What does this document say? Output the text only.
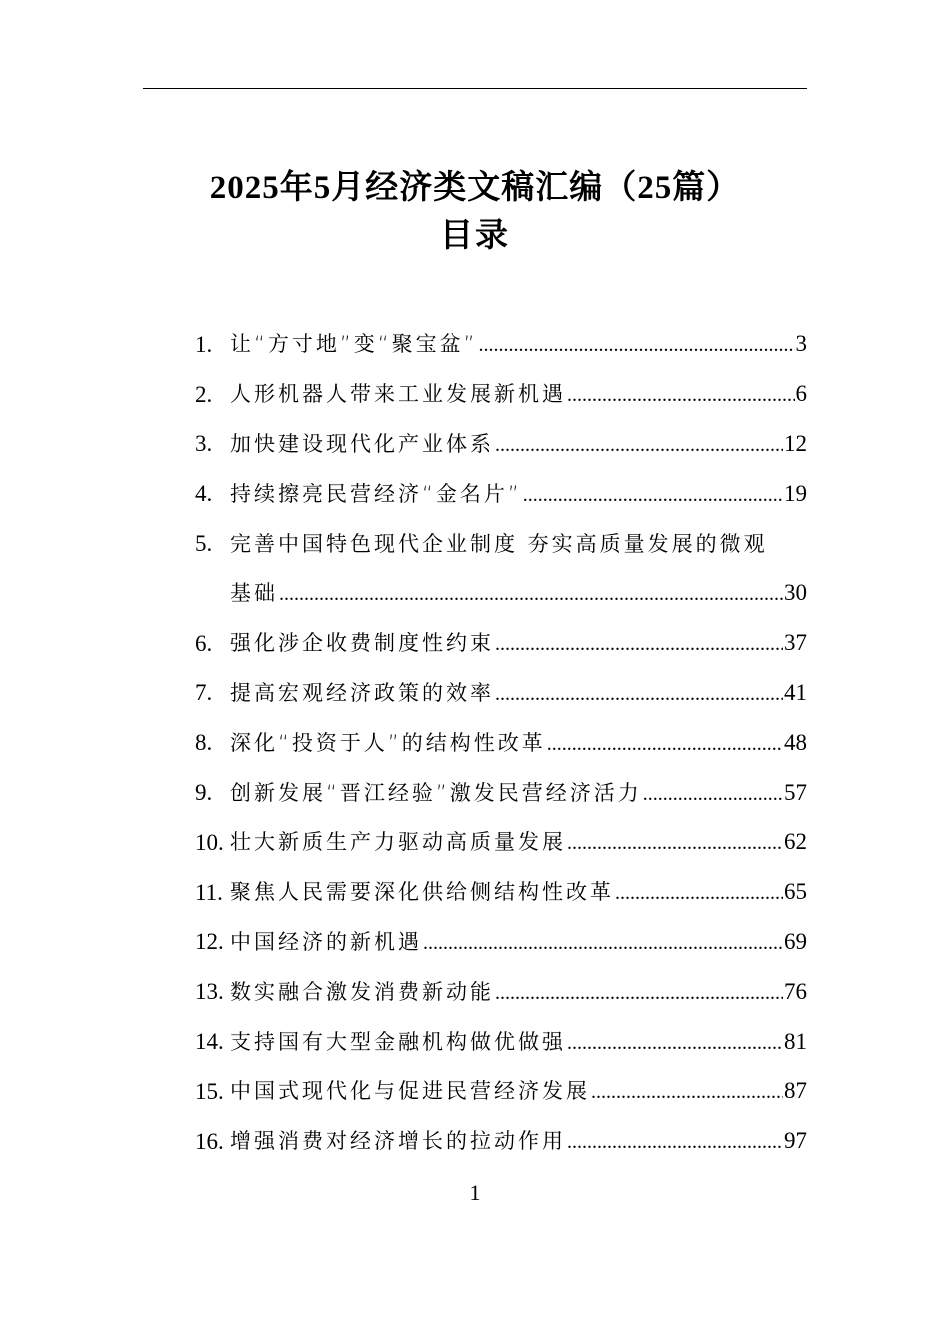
2025年5月经济类文稿汇编（25篇）
目录
1. 让“方寸地”变“聚宝盆” .....	3
2. 人形机器人带来工业发展新机遇 .....	6
3. 加快建设现代化产业体系 .....	12
4. 持续擦亮民营经济“金名片” .....	19
5. 完善中国特色现代企业制度 夯实高质量发展的微观
基础 .....	30
6. 强化涉企收费制度性约束 .....	37
7. 提高宏观经济政策的效率 .....	41
8. 深化“投资于人”的结构性改革 .....	48
9. 创新发展“晋江经验”激发民营经济活力 .....	57
10. 壮大新质生产力驱动高质量发展 .....	62
11. 聚焦人民需要深化供给侧结构性改革 .....	65
12. 中国经济的新机遇 .....	69
13. 数实融合激发消费新动能 .....	76
14. 支持国有大型金融机构做优做强 .....	81
15. 中国式现代化与促进民营经济发展 .....	87
16. 增强消费对经济增长的拉动作用 .....	97
1
